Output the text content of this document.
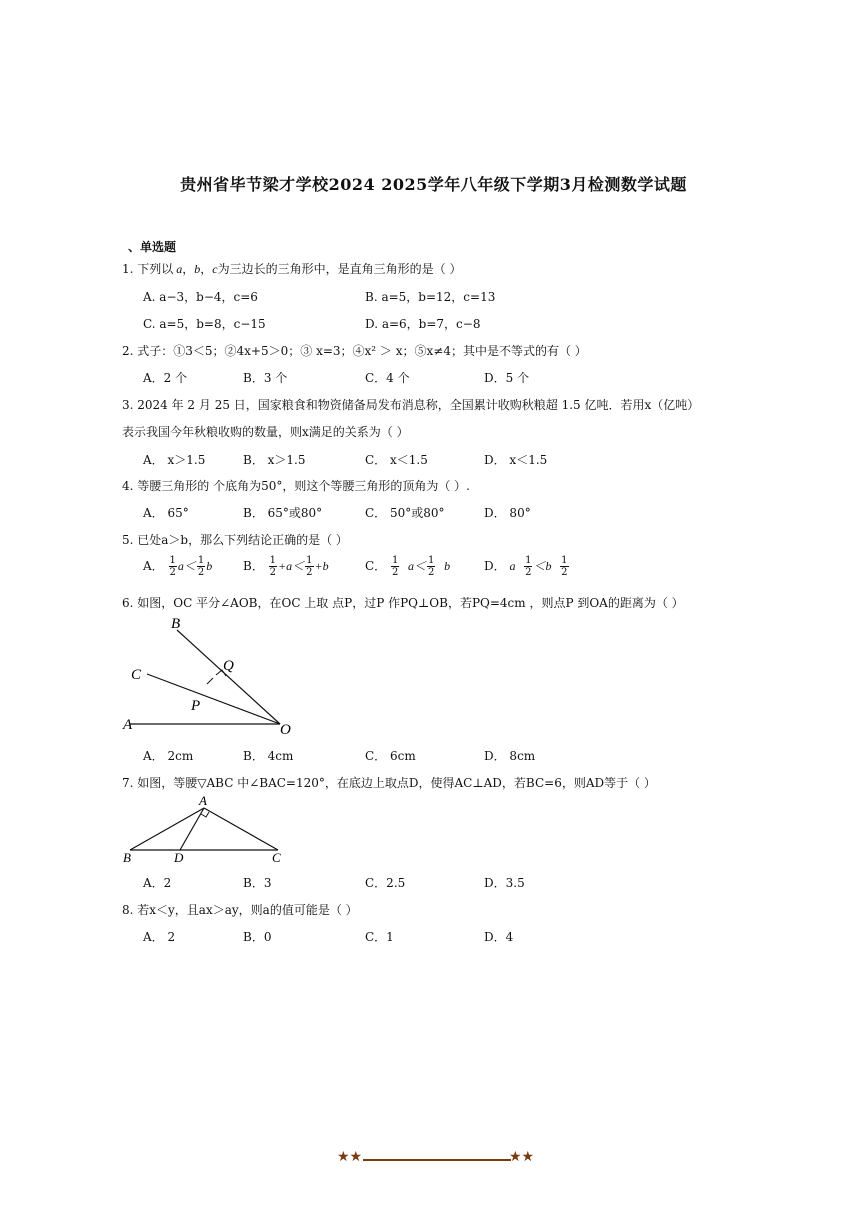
贵州省毕节梁才学校2024 2025学年八年级下学期3月检测数学试题
、单选题
1. 下列以 a，b，c为三边长的三角形中，是直角三角形的是（ ）
A. a−3，b−4，c=6	B. a=5，b=12，c=13
C. a=5，b=8，c−15	D. a=6，b=7，c−8
2. 式子：①3＜5；②4x+5＞0；③ x=3；④x² ＞ x；⑤x≠4；其中是不等式的有（ ）
A．2 个	B．3 个	C．4 个	D．5 个
3. 2024 年 2 月 25 日，国家粮食和物资储备局发布消息称，全国累计收购秋粮超 1.5 亿吨．若用x（亿吨）
表示我国今年秋粮收购的数量，则x满足的关系为（ ）
A． x＞1.5	B． x＞1.5	C． x＜1.5	D． x＜1.5
4. 等腰三角形的 个底角为50°，则这个等腰三角形的顶角为（ ）.
A． 65°	B． 65°或80°	C． 50°或80°	D． 80°
5. 已处a＞b，那么下列结论正确的是（ ）
A． $\frac{1}{2} a< \frac{1}{2}$ b	B． $\frac{1}{2} +a< \frac{1}{2} +b$	C． $\frac{1}{2} a< \frac{1}{2}$ b	D． a $\frac{1}{2} <b \frac{1}{2}$
6. 如图，OC 平分∠AOB，在OC 上取 点P，过P 作PQ⊥OB，若PQ=4cm ，则点P 到OA的距离为（ ）
B
Q
C
P
A	O
A． 2cm	B． 4cm	C． 6cm	D． 8cm
7. 如图，等腰▽ABC 中∠BAC=120°，在底边上取点D，使得AC⊥AD，若BC=6，则AD等于（ ）
A
B	D	C
A．2	B．3	C．2.5	D．3.5
8. 若x＜y，且ax＞ay，则a的值可能是（ ）
A． 2	B．0	C．1	D．4
★★	★★
